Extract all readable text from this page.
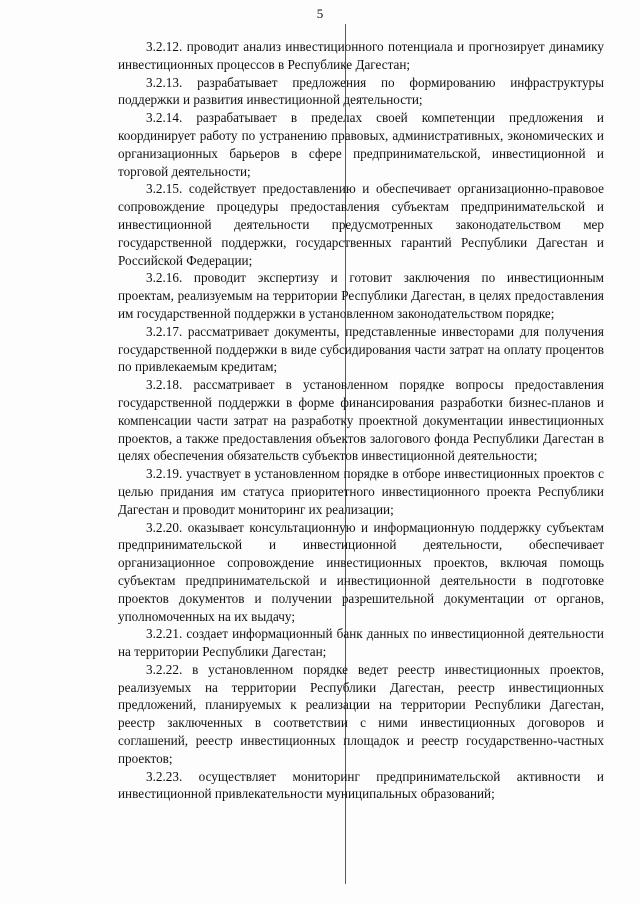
5

3.2.12. проводит анализ инвестиционного потенциала и прогнозирует динамику инвестиционных процессов в Республике Дагестан;

3.2.13. разрабатывает предложения по формированию инфраструктуры поддержки и развития инвестиционной деятельности;

3.2.14. разрабатывает в пределах своей компетенции предложения и координирует работу по устранению правовых, административных, экономических и организационных барьеров в сфере предпринимательской, инвестиционной и торговой деятельности;

3.2.15. содействует предоставлению и обеспечивает организационно-правовое сопровождение процедуры предоставления субъектам предпринимательской и инвестиционной деятельности предусмотренных законодательством мер государственной поддержки, государственных гарантий Республики Дагестан и Российской Федерации;

3.2.16. проводит экспертизу и готовит заключения по инвестиционным проектам, реализуемым на территории Республики Дагестан, в целях предоставления им государственной поддержки в установленном законодательством порядке;

3.2.17. рассматривает документы, представленные инвесторами для получения государственной поддержки в виде субсидирования части затрат на оплату процентов по привлекаемым кредитам;

3.2.18. рассматривает в установленном порядке вопросы предоставления государственной поддержки в форме финансирования разработки бизнес-планов и компенсации части затрат на разработку проектной документации инвестиционных проектов, а также предоставления объектов залогового фонда Республики Дагестан в целях обеспечения обязательств субъектов инвестиционной деятельности;

3.2.19. участвует в установленном порядке в отборе инвестиционных проектов с целью придания им статуса приоритетного инвестиционного проекта Республики Дагестан и проводит мониторинг их реализации;

3.2.20. оказывает консультационную и информационную поддержку субъектам предпринимательской и инвестиционной деятельности, обеспечивает организационное сопровождение инвестиционных проектов, включая помощь субъектам предпринимательской и инвестиционной деятельности в подготовке проектов документов и получении разрешительной документации от органов, уполномоченных на их выдачу;

3.2.21. создает информационный банк данных по инвестиционной деятельности на территории Республики Дагестан;

3.2.22. в установленном порядке ведет реестр инвестиционных проектов, реализуемых на территории Республики Дагестан, реестр инвестиционных предложений, планируемых к реализации на территории Республики Дагестан, реестр заключенных в соответствии с ними инвестиционных договоров и соглашений, реестр инвестиционных площадок и реестр государственно-частных проектов;

3.2.23. осуществляет мониторинг предпринимательской активности и инвестиционной привлекательности муниципальных образований;
